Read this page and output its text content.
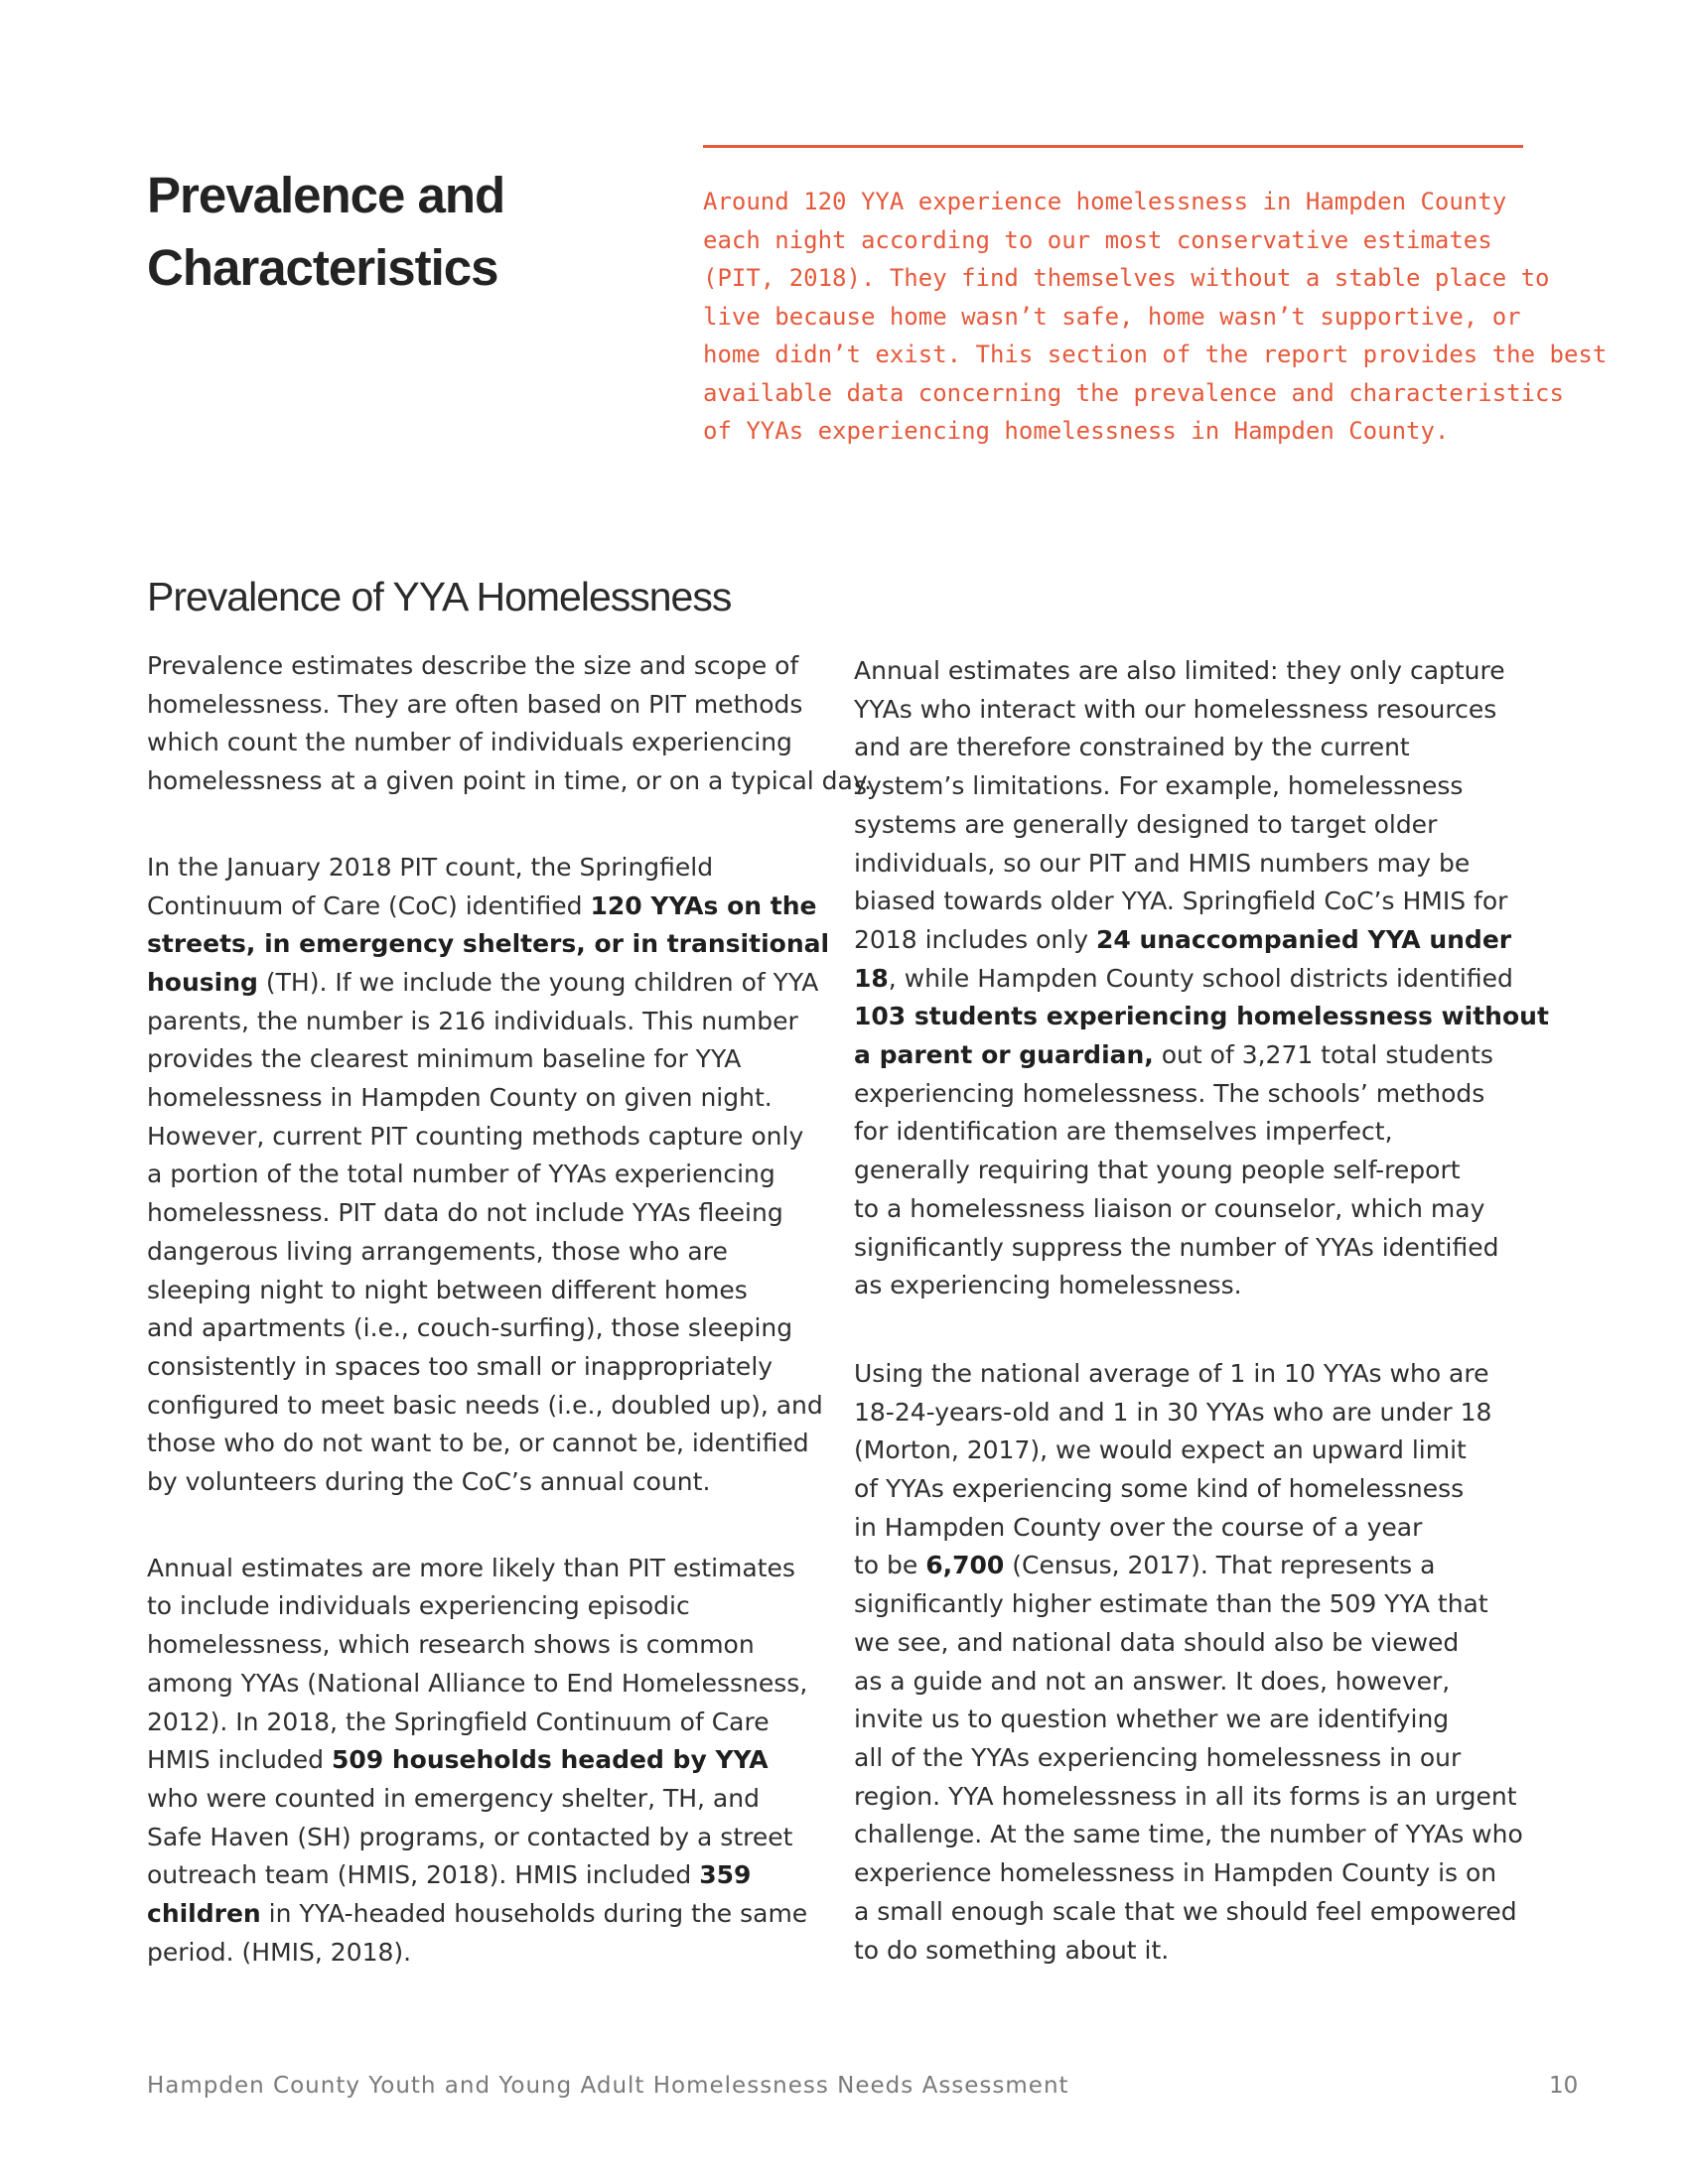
Prevalence and
Characteristics
Around 120 YYA experience homelessness in Hampden County
each night according to our most conservative estimates
(PIT, 2018). They find themselves without a stable place to
live because home wasn’t safe, home wasn’t supportive, or
home didn’t exist. This section of the report provides the best
available data concerning the prevalence and characteristics
of YYAs experiencing homelessness in Hampden County.
Prevalence of YYA Homelessness

Prevalence estimates describe the size and scope of
homelessness. They are often based on PIT methods
which count the number of individuals experiencing
homelessness at a given point in time, or on a typical day.

In the January 2018 PIT count, the Springfield
Continuum of Care (CoC) identified 120 YYAs on the
streets, in emergency shelters, or in transitional
housing (TH). If we include the young children of YYA
parents, the number is 216 individuals. This number
provides the clearest minimum baseline for YYA
homelessness in Hampden County on given night.
However, current PIT counting methods capture only
a portion of the total number of YYAs experiencing
homelessness. PIT data do not include YYAs fleeing
dangerous living arrangements, those who are
sleeping night to night between different homes
and apartments (i.e., couch-surfing), those sleeping
consistently in spaces too small or inappropriately
configured to meet basic needs (i.e., doubled up), and
those who do not want to be, or cannot be, identified
by volunteers during the CoC’s annual count.

Annual estimates are more likely than PIT estimates
to include individuals experiencing episodic
homelessness, which research shows is common
among YYAs (National Alliance to End Homelessness,
2012). In 2018, the Springfield Continuum of Care
HMIS included 509 households headed by YYA
who were counted in emergency shelter, TH, and
Safe Haven (SH) programs, or contacted by a street
outreach team (HMIS, 2018). HMIS included 359
children in YYA-headed households during the same
period. (HMIS, 2018).

Annual estimates are also limited: they only capture
YYAs who interact with our homelessness resources
and are therefore constrained by the current
system’s limitations. For example, homelessness
systems are generally designed to target older
individuals, so our PIT and HMIS numbers may be
biased towards older YYA. Springfield CoC’s HMIS for
2018 includes only 24 unaccompanied YYA under
18, while Hampden County school districts identified
103 students experiencing homelessness without
a parent or guardian, out of 3,271 total students
experiencing homelessness. The schools’ methods
for identification are themselves imperfect,
generally requiring that young people self-report
to a homelessness liaison or counselor, which may
significantly suppress the number of YYAs identified
as experiencing homelessness.

Using the national average of 1 in 10 YYAs who are
18-24-years-old and 1 in 30 YYAs who are under 18
(Morton, 2017), we would expect an upward limit
of YYAs experiencing some kind of homelessness
in Hampden County over the course of a year
to be 6,700 (Census, 2017). That represents a
significantly higher estimate than the 509 YYA that
we see, and national data should also be viewed
as a guide and not an answer. It does, however,
invite us to question whether we are identifying
all of the YYAs experiencing homelessness in our
region. YYA homelessness in all its forms is an urgent
challenge. At the same time, the number of YYAs who
experience homelessness in Hampden County is on
a small enough scale that we should feel empowered
to do something about it.

Hampden County Youth and Young Adult Homelessness Needs Assessment	10
